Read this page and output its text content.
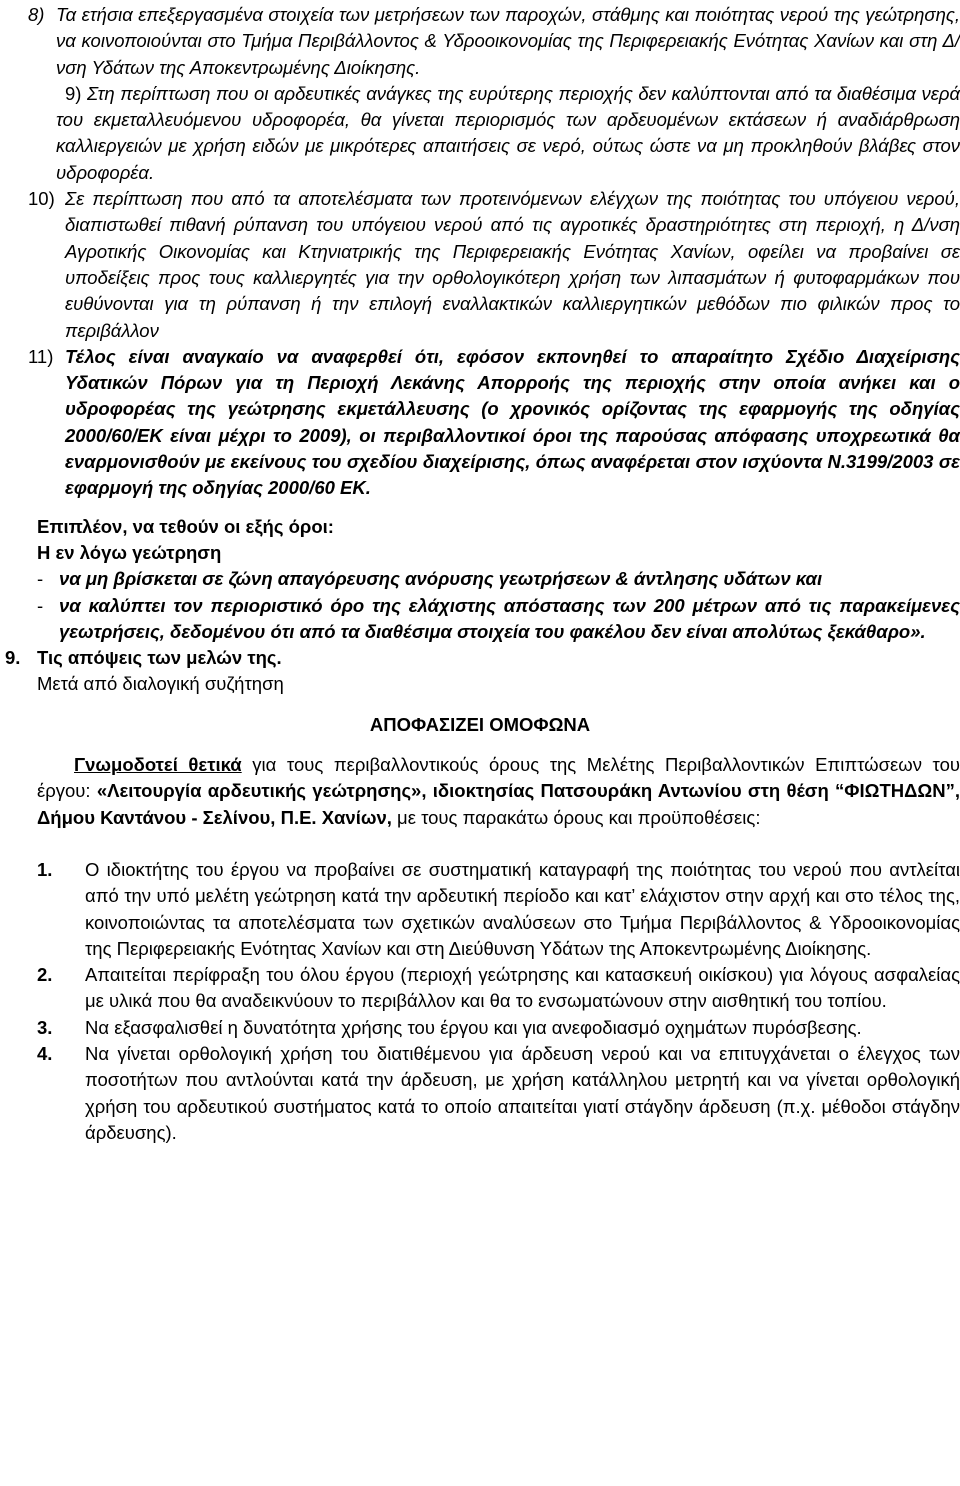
8) Τα ετήσια επεξεργασμένα στοιχεία των μετρήσεων των παροχών, στάθμης και ποιότητας νερού της γεώτρησης, να κοινοποιούνται στο Τμήμα Περιβάλλοντος & Υδροοικονομίας της Περιφερειακής Ενότητας Χανίων και στη Δ/νση Υδάτων της Αποκεντρωμένης Διοίκησης.
9) Στη περίπτωση που οι αρδευτικές ανάγκες της ευρύτερης περιοχής δεν καλύπτονται από τα διαθέσιμα νερά του εκμεταλλευόμενου υδροφορέα, θα γίνεται περιορισμός των αρδευομένων εκτάσεων ή αναδιάρθρωση καλλιεργειών με χρήση ειδών με μικρότερες απαιτήσεις σε νερό, ούτως ώστε να μη προκληθούν βλάβες στον υδροφορέα.
10) Σε περίπτωση που από τα αποτελέσματα των προτεινόμενων ελέγχων της ποιότητας του υπόγειου νερού, διαπιστωθεί πιθανή ρύπανση του υπόγειου νερού από τις αγροτικές δραστηριότητες στη περιοχή, η Δ/νση Αγροτικής Οικονομίας και Κτηνιατρικής της Περιφερειακής Ενότητας Χανίων, οφείλει να προβαίνει σε υποδείξεις προς τους καλλιεργητές για την ορθολογικότερη χρήση των λιπασμάτων ή φυτοφαρμάκων που ευθύνονται για τη ρύπανση ή την επιλογή εναλλακτικών καλλιεργητικών μεθόδων πιο φιλικών προς το περιβάλλον
11) Τέλος είναι αναγκαίο να αναφερθεί ότι, εφόσον εκπονηθεί το απαραίτητο Σχέδιο Διαχείρισης Υδατικών Πόρων για τη Περιοχή Λεκάνης Απορροής της περιοχής στην οποία ανήκει και ο υδροφορέας της γεώτρησης εκμετάλλευσης (ο χρονικός ορίζοντας της εφαρμογής της οδηγίας 2000/60/ΕΚ είναι μέχρι το 2009), οι περιβαλλοντικοί όροι της παρούσας απόφασης υποχρεωτικά θα εναρμονισθούν με εκείνους του σχεδίου διαχείρισης, όπως αναφέρεται στον ισχύοντα Ν.3199/2003 σε εφαρμογή της οδηγίας 2000/60 ΕΚ.
Επιπλέον, να τεθούν οι εξής όροι:
Η εν λόγω γεώτρηση
- να μη βρίσκεται σε ζώνη απαγόρευσης ανόρυσης γεωτρήσεων & άντλησης υδάτων και
- να καλύπτει τον περιοριστικό όρο της ελάχιστης απόστασης των 200 μέτρων από τις παρακείμενες γεωτρήσεις, δεδομένου ότι από τα διαθέσιμα στοιχεία του φακέλου δεν είναι απολύτως ξεκάθαρο».
9. Τις απόψεις των μελών της.
Μετά από διαλογική συζήτηση
ΑΠΟΦΑΣΙΖΕΙ ΟΜΟΦΩΝΑ
Γνωμοδοτεί θετικά για τους περιβαλλοντικούς όρους της Μελέτης Περιβαλλοντικών Επιπτώσεων του έργου: «Λειτουργία αρδευτικής γεώτρησης», ιδιοκτησίας Πατσουράκη Αντωνίου στη θέση “ΦΙΩΤΗΔΩΝ”, Δήμου Καντάνου - Σελίνου, Π.Ε. Χανίων, με τους παρακάτω όρους και προϋποθέσεις:
1. Ο ιδιοκτήτης του έργου να προβαίνει σε συστηματική καταγραφή της ποιότητας του νερού που αντλείται από την υπό μελέτη γεώτρηση κατά την αρδευτική περίοδο και κατ’ ελάχιστον στην αρχή και στο τέλος της, κοινοποιώντας τα αποτελέσματα των σχετικών αναλύσεων στο Τμήμα Περιβάλλοντος & Υδροοικονομίας της Περιφερειακής Ενότητας Χανίων και στη Διεύθυνση Υδάτων της Αποκεντρωμένης Διοίκησης.
2. Απαιτείται περίφραξη του όλου έργου (περιοχή γεώτρησης και κατασκευή οικίσκου) για λόγους ασφαλείας με υλικά που θα αναδεικνύουν το περιβάλλον και θα το ενσωματώνουν στην αισθητική του τοπίου.
3. Να εξασφαλισθεί η δυνατότητα χρήσης του έργου και για ανεφοδιασμό οχημάτων πυρόσβεσης.
4. Να γίνεται ορθολογική χρήση του διατιθέμενου για άρδευση νερού και να επιτυγχάνεται ο έλεγχος των ποσοτήτων που αντλούνται κατά την άρδευση, με χρήση κατάλληλου μετρητή και να γίνεται ορθολογική χρήση του αρδευτικού συστήματος κατά το οποίο απαιτείται γιατί στάγδην άρδευση (π.χ. μέθοδοι στάγδην άρδευσης).
